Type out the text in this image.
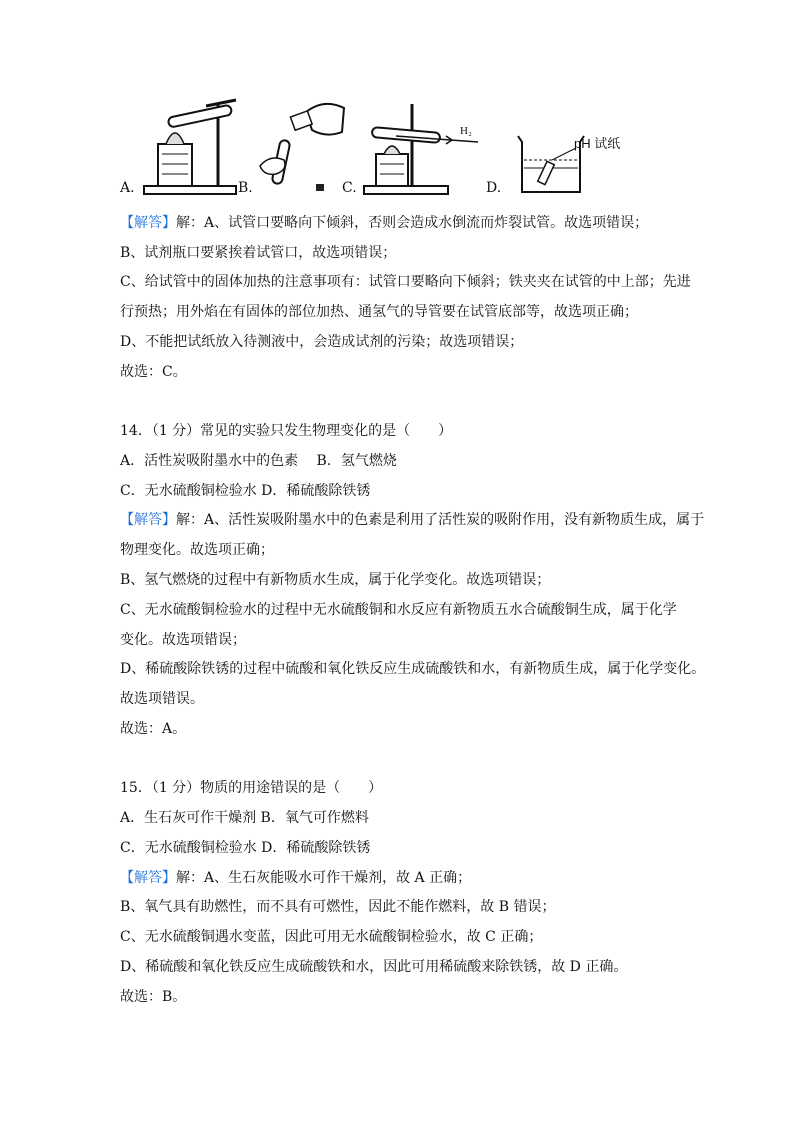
A.	B.	C.
H₂
D.
pH 试纸
【解答】解：A、试管口要略向下倾斜，否则会造成水倒流而炸裂试管。故选项错误；
B、试剂瓶口要紧挨着试管口，故选项错误；
C、给试管中的固体加热的注意事项有：试管口要略向下倾斜；铁夹夹在试管的中上部；先进
行预热；用外焰在有固体的部位加热、通氢气的导管要在试管底部等，故选项正确；
D、不能把试纸放入待测液中，会造成试剂的污染；故选项错误；
故选：C。
14．（1 分）常见的实验只发生物理变化的是（　　）
A．活性炭吸附墨水中的色素　 B．氢气燃烧
C．无水硫酸铜检验水 D．稀硫酸除铁锈
【解答】解：A、活性炭吸附墨水中的色素是利用了活性炭的吸附作用，没有新物质生成，属于
物理变化。故选项正确；
B、氢气燃烧的过程中有新物质水生成，属于化学变化。故选项错误；
C、无水硫酸铜检验水的过程中无水硫酸铜和水反应有新物质五水合硫酸铜生成，属于化学
变化。故选项错误；
D、稀硫酸除铁锈的过程中硫酸和氧化铁反应生成硫酸铁和水，有新物质生成，属于化学变化。
故选项错误。
故选：A。
15．（1 分）物质的用途错误的是（　　）
A．生石灰可作干燥剂 B．氧气可作燃料
C．无水硫酸铜检验水 D．稀硫酸除铁锈
【解答】解：A、生石灰能吸水可作干燥剂，故 A 正确；
B、氧气具有助燃性，而不具有可燃性，因此不能作燃料，故 B 错误；
C、无水硫酸铜遇水变蓝，因此可用无水硫酸铜检验水，故 C 正确；
D、稀硫酸和氧化铁反应生成硫酸铁和水，因此可用稀硫酸来除铁锈，故 D 正确。
故选：B。
